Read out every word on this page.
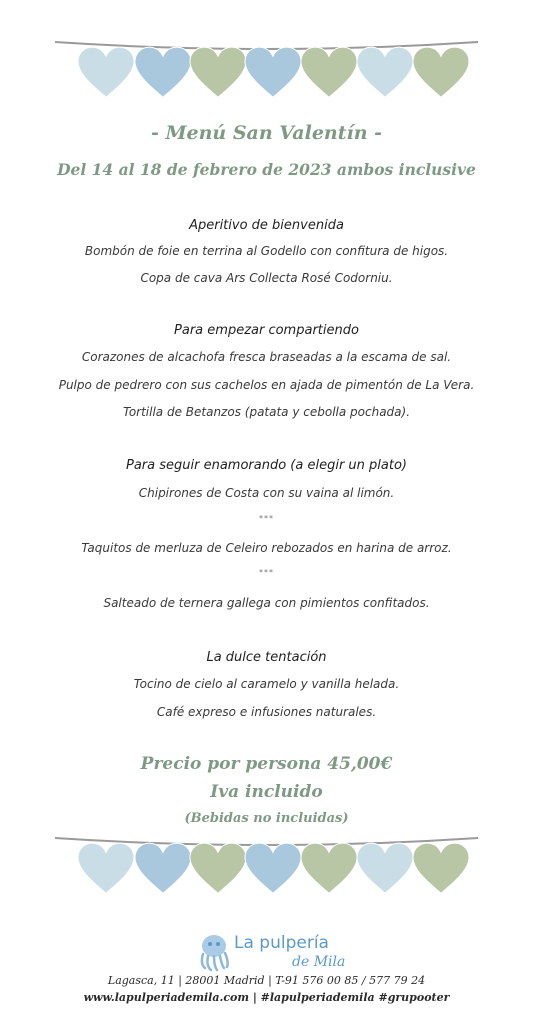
- Menú San Valentín -
Del 14 al 18 de febrero de 2023 ambos inclusive
Aperitivo de bienvenida
Bombón de foie en terrina al Godello con confitura de higos.
Copa de cava Ars Collecta Rosé Codorniu.
Para empezar compartiendo
Corazones de alcachofa fresca braseadas a la escama de sal.
Pulpo de pedrero con sus cachelos en ajada de pimentón de La Vera.
Tortilla de Betanzos (patata y cebolla pochada).
Para seguir enamorando (a elegir un plato)
Chipirones de Costa con su vaina al limón.
***
Taquitos de merluza de Celeiro rebozados en harina de arroz.
***
Salteado de ternera gallega con pimientos confitados.
La dulce tentación
Tocino de cielo al caramelo y vanilla helada.
Café expreso e infusiones naturales.
Precio por persona 45,00€
Iva incluido
(Bebidas no incluidas)
La pulpería
de Mila
Lagasca, 11 | 28001 Madrid | T-91 576 00 85 / 577 79 24
www.lapulperiademila.com | #lapulperiademila #grupooter
